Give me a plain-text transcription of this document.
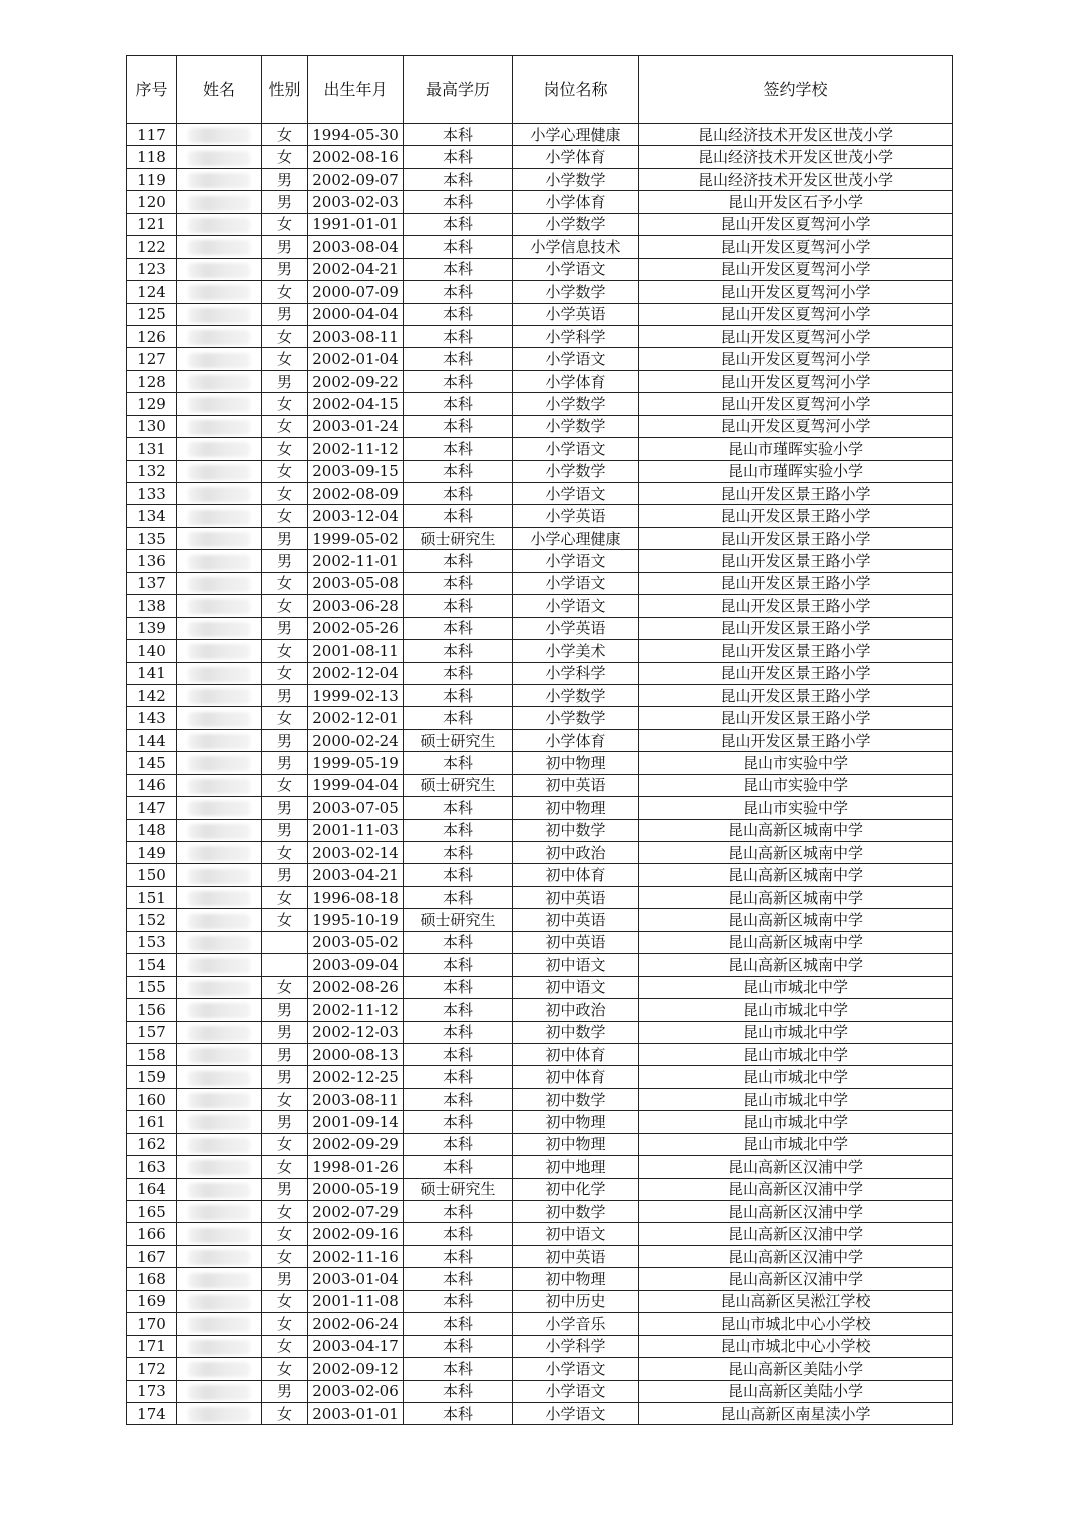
序号	姓名	性别	出生年月	最高学历	岗位名称	签约学校
117		女	1994-05-30	本科	小学心理健康	昆山经济技术开发区世茂小学
118		女	2002-08-16	本科	小学体育	昆山经济技术开发区世茂小学
119		男	2002-09-07	本科	小学数学	昆山经济技术开发区世茂小学
120		男	2003-02-03	本科	小学体育	昆山开发区石予小学
121		女	1991-01-01	本科	小学数学	昆山开发区夏驾河小学
122		男	2003-08-04	本科	小学信息技术	昆山开发区夏驾河小学
123		男	2002-04-21	本科	小学语文	昆山开发区夏驾河小学
124		女	2000-07-09	本科	小学数学	昆山开发区夏驾河小学
125		男	2000-04-04	本科	小学英语	昆山开发区夏驾河小学
126		女	2003-08-11	本科	小学科学	昆山开发区夏驾河小学
127		女	2002-01-04	本科	小学语文	昆山开发区夏驾河小学
128		男	2002-09-22	本科	小学体育	昆山开发区夏驾河小学
129		女	2002-04-15	本科	小学数学	昆山开发区夏驾河小学
130		女	2003-01-24	本科	小学数学	昆山开发区夏驾河小学
131		女	2002-11-12	本科	小学语文	昆山市瑾晖实验小学
132		女	2003-09-15	本科	小学数学	昆山市瑾晖实验小学
133		女	2002-08-09	本科	小学语文	昆山开发区景王路小学
134		女	2003-12-04	本科	小学英语	昆山开发区景王路小学
135		男	1999-05-02	硕士研究生	小学心理健康	昆山开发区景王路小学
136		男	2002-11-01	本科	小学语文	昆山开发区景王路小学
137		女	2003-05-08	本科	小学语文	昆山开发区景王路小学
138		女	2003-06-28	本科	小学语文	昆山开发区景王路小学
139		男	2002-05-26	本科	小学英语	昆山开发区景王路小学
140		女	2001-08-11	本科	小学美术	昆山开发区景王路小学
141		女	2002-12-04	本科	小学科学	昆山开发区景王路小学
142		男	1999-02-13	本科	小学数学	昆山开发区景王路小学
143		女	2002-12-01	本科	小学数学	昆山开发区景王路小学
144		男	2000-02-24	硕士研究生	小学体育	昆山开发区景王路小学
145		男	1999-05-19	本科	初中物理	昆山市实验中学
146		女	1999-04-04	硕士研究生	初中英语	昆山市实验中学
147		男	2003-07-05	本科	初中物理	昆山市实验中学
148		男	2001-11-03	本科	初中数学	昆山高新区城南中学
149		女	2003-02-14	本科	初中政治	昆山高新区城南中学
150		男	2003-04-21	本科	初中体育	昆山高新区城南中学
151		女	1996-08-18	本科	初中英语	昆山高新区城南中学
152		女	1995-10-19	硕士研究生	初中英语	昆山高新区城南中学
153			2003-05-02	本科	初中英语	昆山高新区城南中学
154			2003-09-04	本科	初中语文	昆山高新区城南中学
155		女	2002-08-26	本科	初中语文	昆山市城北中学
156		男	2002-11-12	本科	初中政治	昆山市城北中学
157		男	2002-12-03	本科	初中数学	昆山市城北中学
158		男	2000-08-13	本科	初中体育	昆山市城北中学
159		男	2002-12-25	本科	初中体育	昆山市城北中学
160		女	2003-08-11	本科	初中数学	昆山市城北中学
161		男	2001-09-14	本科	初中物理	昆山市城北中学
162		女	2002-09-29	本科	初中物理	昆山市城北中学
163		女	1998-01-26	本科	初中地理	昆山高新区汉浦中学
164		男	2000-05-19	硕士研究生	初中化学	昆山高新区汉浦中学
165		女	2002-07-29	本科	初中数学	昆山高新区汉浦中学
166		女	2002-09-16	本科	初中语文	昆山高新区汉浦中学
167		女	2002-11-16	本科	初中英语	昆山高新区汉浦中学
168		男	2003-01-04	本科	初中物理	昆山高新区汉浦中学
169		女	2001-11-08	本科	初中历史	昆山高新区吴淞江学校
170		女	2002-06-24	本科	小学音乐	昆山市城北中心小学校
171		女	2003-04-17	本科	小学科学	昆山市城北中心小学校
172		女	2002-09-12	本科	小学语文	昆山高新区美陆小学
173		男	2003-02-06	本科	小学语文	昆山高新区美陆小学
174		女	2003-01-01	本科	小学语文	昆山高新区南星渎小学
